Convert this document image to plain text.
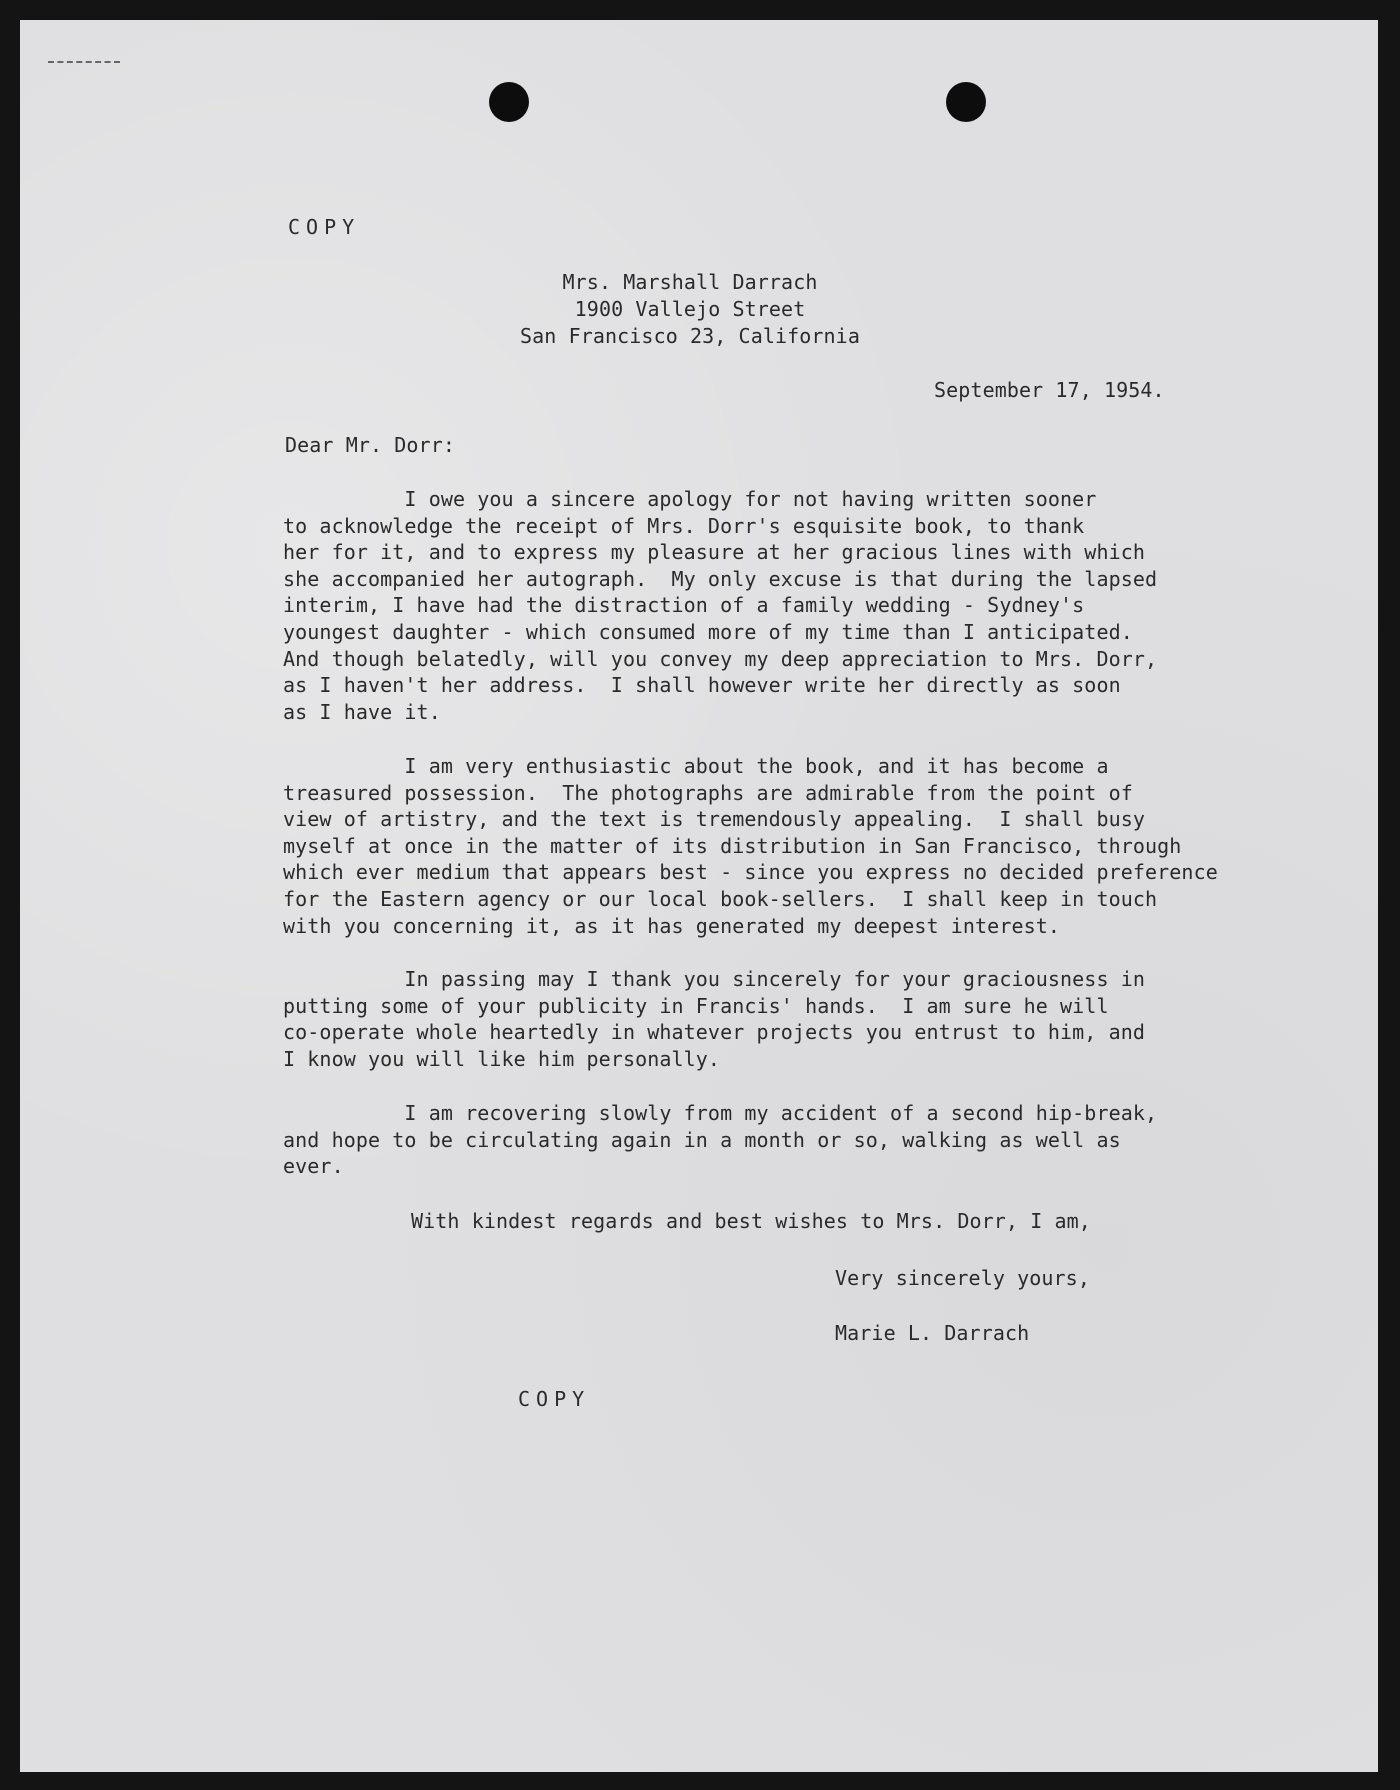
COPY
Mrs. Marshall Darrach
1900 Vallejo Street
San Francisco 23, California
September 17, 1954.
Dear Mr. Dorr:
I owe you a sincere apology for not having written sooner
to acknowledge the receipt of Mrs. Dorr's esquisite book, to thank
her for it, and to express my pleasure at her gracious lines with which
she accompanied her autograph.  My only excuse is that during the lapsed
interim, I have had the distraction of a family wedding - Sydney's
youngest daughter - which consumed more of my time than I anticipated.
And though belatedly, will you convey my deep appreciation to Mrs. Dorr,
as I haven't her address.  I shall however write her directly as soon
as I have it.
I am very enthusiastic about the book, and it has become a
treasured possession.  The photographs are admirable from the point of
view of artistry, and the text is tremendously appealing.  I shall busy
myself at once in the matter of its distribution in San Francisco, through
which ever medium that appears best - since you express no decided preference
for the Eastern agency or our local book-sellers.  I shall keep in touch
with you concerning it, as it has generated my deepest interest.
In passing may I thank you sincerely for your graciousness in
putting some of your publicity in Francis' hands.  I am sure he will
co-operate whole heartedly in whatever projects you entrust to him, and
I know you will like him personally.
I am recovering slowly from my accident of a second hip-break,
and hope to be circulating again in a month or so, walking as well as
ever.
With kindest regards and best wishes to Mrs. Dorr, I am,
Very sincerely yours,
Marie L. Darrach
COPY
